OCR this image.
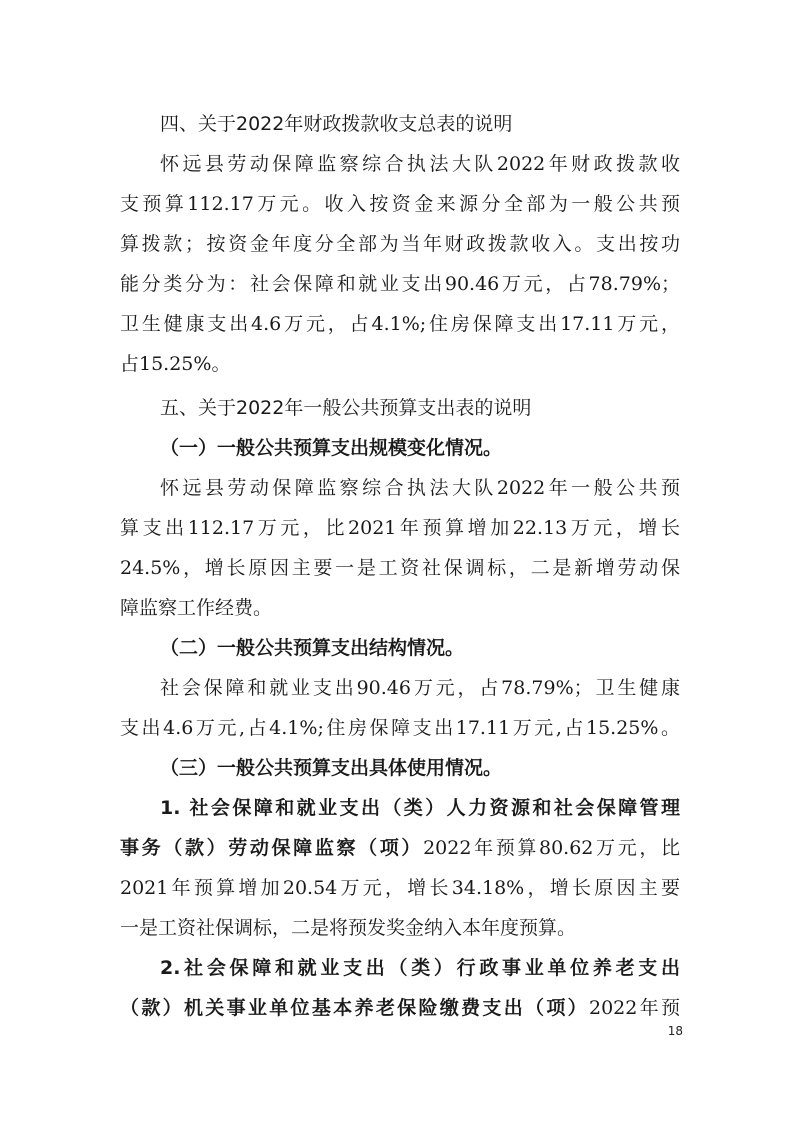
四、关于2022年财政拨款收支总表的说明
怀远县劳动保障监察综合执法大队2022年财政拨款收
支预算112.17万元。收入按资金来源分全部为一般公共预
算拨款；按资金年度分全部为当年财政拨款收入。支出按功
能分类分为：社会保障和就业支出90.46万元，占78.79%；
卫生健康支出4.6万元，占4.1%;住房保障支出17.11万元，
占15.25%。
五、关于2022年一般公共预算支出表的说明
（一）一般公共预算支出规模变化情况。
怀远县劳动保障监察综合执法大队2022年一般公共预
算支出112.17万元，比2021年预算增加22.13万元，增长
24.5%，增长原因主要一是工资社保调标，二是新增劳动保
障监察工作经费。
（二）一般公共预算支出结构情况。
社会保障和就业支出90.46万元，占78.79%；卫生健康
支出4.6万元,占4.1%;住房保障支出17.11万元,占15.25%。
（三）一般公共预算支出具体使用情况。
1. 社会保障和就业支出（类）人力资源和社会保障管理
事务（款）劳动保障监察（项）2022年预算80.62万元，比
2021年预算增加20.54万元，增长34.18%，增长原因主要
一是工资社保调标，二是将预发奖金纳入本年度预算。
2.社会保障和就业支出（类）行政事业单位养老支出
（款）机关事业单位基本养老保险缴费支出（项）2022年预
18
